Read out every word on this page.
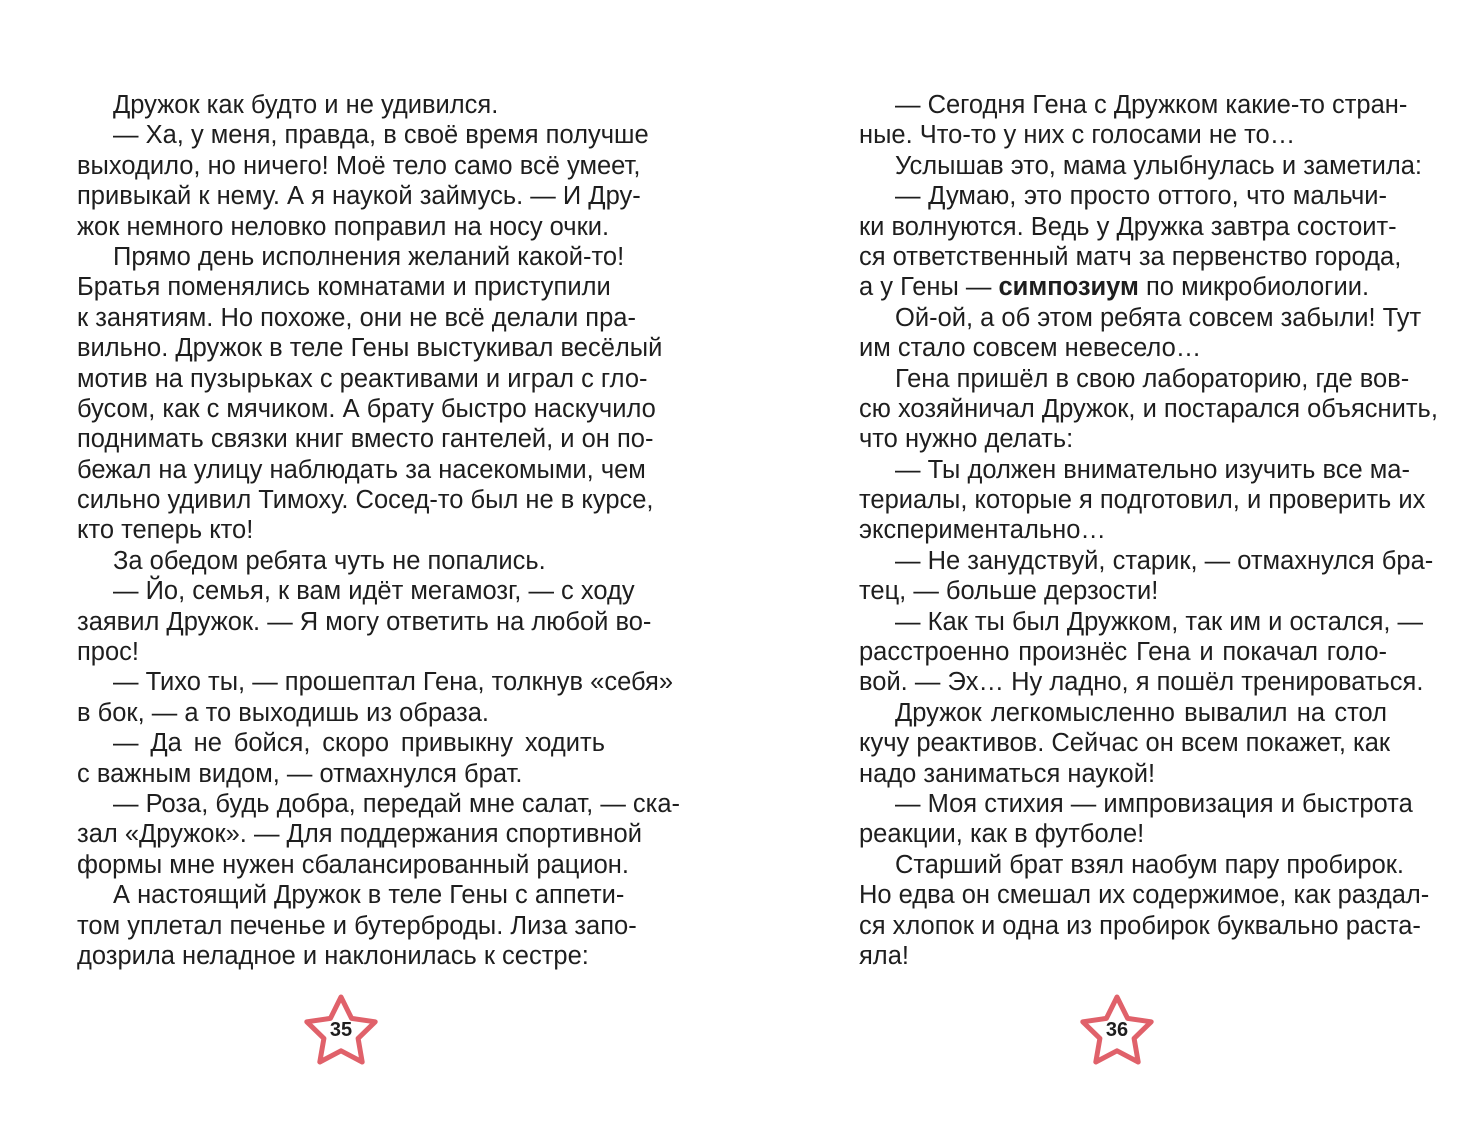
Дружок как будто и не удивился.
— Ха, у меня, правда, в своё время получше
выходило, но ничего! Моё тело само всё умеет,
привыкай к нему. А я наукой займусь. — И Дру-
жок немного неловко поправил на носу очки.
Прямо день исполнения желаний какой-то!
Братья поменялись комнатами и приступили
к занятиям. Но похоже, они не всё делали пра-
вильно. Дружок в теле Гены выстукивал весёлый
мотив на пузырьках с реактивами и играл с гло-
бусом, как с мячиком. А брату быстро наскучило
поднимать связки книг вместо гантелей, и он по-
бежал на улицу наблюдать за насекомыми, чем
сильно удивил Тимоху. Сосед-то был не в курсе,
кто теперь кто!
За обедом ребята чуть не попались.
— Йо, семья, к вам идёт мегамозг, — с ходу
заявил Дружок. — Я могу ответить на любой во-
прос!
— Тихо ты, — прошептал Гена, толкнув «себя»
в бок, — а то выходишь из образа.
— Да не бойся, скоро привыкну ходить
с важным видом, — отмахнулся брат.
— Роза, будь добра, передай мне салат, — ска-
зал «Дружок». — Для поддержания спортивной
формы мне нужен сбалансированный рацион.
А настоящий Дружок в теле Гены с аппети-
том уплетал печенье и бутерброды. Лиза запо-
дозрила неладное и наклонилась к сестре:
— Сегодня Гена с Дружком какие-то стран-
ные. Что-то у них с голосами не то…
Услышав это, мама улыбнулась и заметила:
— Думаю, это просто оттого, что мальчи-
ки волнуются. Ведь у Дружка завтра состоит-
ся ответственный матч за первенство города,
а у Гены — симпозиум по микробиологии.
Ой-ой, а об этом ребята совсем забыли! Тут
им стало совсем невесело…
Гена пришёл в свою лабораторию, где вов-
сю хозяйничал Дружок, и постарался объяснить,
что нужно делать:
— Ты должен внимательно изучить все ма-
териалы, которые я подготовил, и проверить их
экспериментально…
— Не занудствуй, старик, — отмахнулся бра-
тец, — больше дерзости!
— Как ты был Дружком, так им и остался, —
расстроенно произнёс Гена и покачал голо-
вой. — Эх… Ну ладно, я пошёл тренироваться.
Дружок легкомысленно вывалил на стол
кучу реактивов. Сейчас он всем покажет, как
надо заниматься наукой!
— Моя стихия — импровизация и быстрота
реакции, как в футболе!
Старший брат взял наобум пару пробирок.
Но едва он смешал их содержимое, как раздал-
ся хлопок и одна из пробирок буквально раста-
яла!
35	36
